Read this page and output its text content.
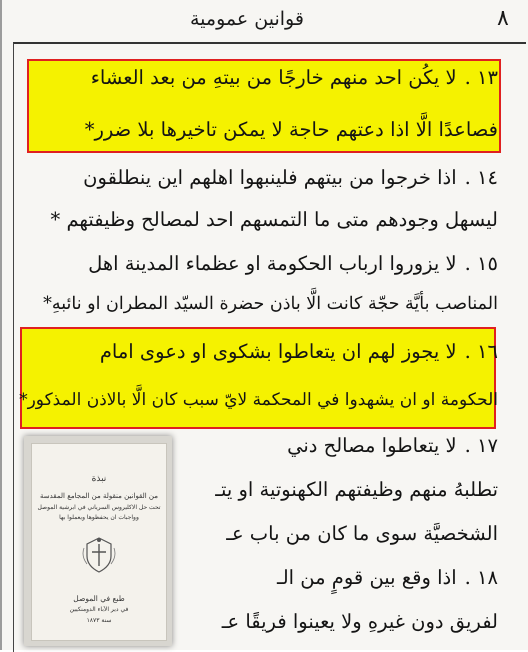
قوانين عمومية	٨
١٣ .لا يكُن احد منهم خارجًا من بيتهِ من بعد العشاء
فصاعدًا الَّا اذا دعتهم حاجة لا يمكن تاخيرها بلا ضرر*
١٤ .اذا خرجوا من بيتهم فلينبهوا اهلهم اين ينطلقون
ليسهل وجودهم متى ما التمسهم احد لمصالح وظيفتهم *
١٥ .لا يزوروا ارباب الحكومة او عظماء المدينة اهل
المناصب بأيَّة حجّة كانت الَّا باذن حضرة السيّد المطران او نائبهِ*
١٦ .لا يجوز لهم ان يتعاطوا بشكوى او دعوى امام
الحكومة او ان يشهدوا في المحكمة لايّ سبب كان الَّا بالاذن المذكور*
١٧ .لا يتعاطوا مصالح دني
تطلبهُ منهم وظيفتهم الكهنوتية او يتـ
الشخصيَّة سوى ما كان من باب عـ
١٨ .اذا وقع بين قومٍ من الـ
لفريق دون غيرهِ ولا يعينوا فريقًا عـ
نبذة
من القوانين منقولة من المجامع المقدسة
تحت حل الاكليروس السرياني في ابرشية الموصل
وواجبات ان يحفظوها ويعملوا بها
طبع في الموصل
في دير الآباء الدومنكيين
سنة ١٨٧٣
